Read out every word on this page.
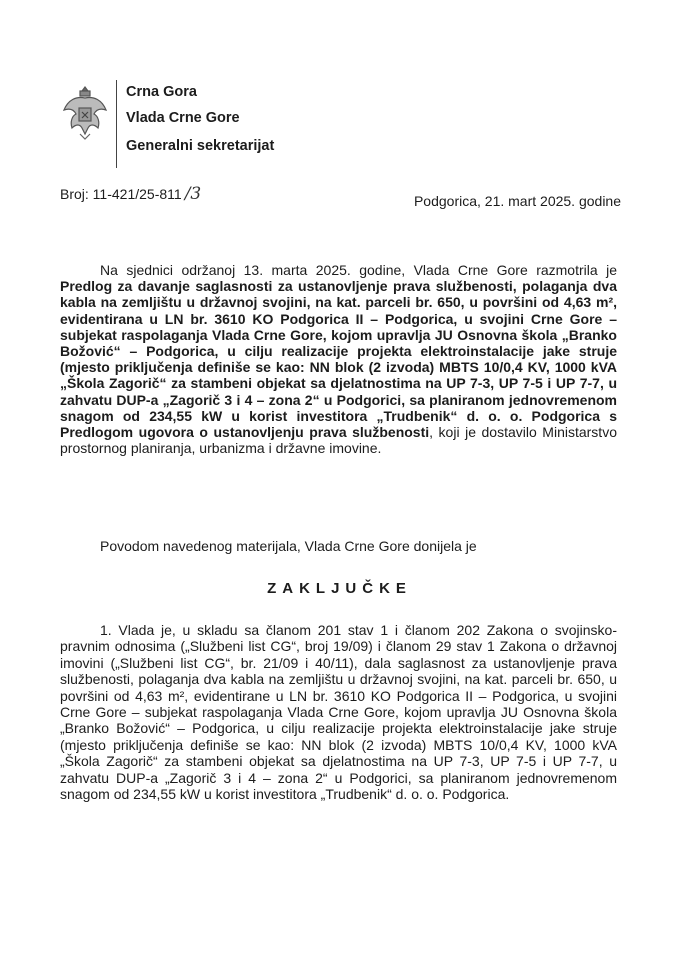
Crna Gora
Vlada Crne Gore
Generalni sekretarijat
Broj: 11-421/25-811 /3	Podgorica, 21. mart 2025. godine
Na sjednici održanoj 13. marta 2025. godine, Vlada Crne Gore razmotrila je Predlog za davanje saglasnosti za ustanovljenje prava službenosti, polaganja dva kabla na zemljištu u državnoj svojini, na kat. parceli br. 650, u površini od 4,63 m², evidentirana u LN br. 3610 KO Podgorica II – Podgorica, u svojini Crne Gore – subjekat raspolaganja Vlada Crne Gore, kojom upravlja JU Osnovna škola „Branko Božović“ – Podgorica, u cilju realizacije projekta elektroinstalacije jake struje (mjesto priključenja definiše se kao: NN blok (2 izvoda) MBTS 10/0,4 KV, 1000 kVA „Škola Zagorič“ za stambeni objekat sa djelatnostima na UP 7-3, UP 7-5 i UP 7-7, u zahvatu DUP-a „Zagorič 3 i 4 – zona 2“ u Podgorici, sa planiranom jednovremenom snagom od 234,55 kW u korist investitora „Trudbenik“ d. o. o. Podgorica s Predlogom ugovora o ustanovljenju prava službenosti, koji je dostavilo Ministarstvo prostornog planiranja, urbanizma i državne imovine.
Povodom navedenog materijala, Vlada Crne Gore donijela je
ZAKLJUČKE
1. Vlada je, u skladu sa članom 201 stav 1 i članom 202 Zakona o svojinsko-pravnim odnosima („Službeni list CG“, broj 19/09) i članom 29 stav 1 Zakona o državnoj imovini („Službeni list CG“, br. 21/09 i 40/11), dala saglasnost za ustanovljenje prava službenosti, polaganja dva kabla na zemljištu u državnoj svojini, na kat. parceli br. 650, u površini od 4,63 m², evidentirane u LN br. 3610 KO Podgorica II – Podgorica, u svojini Crne Gore – subjekat raspolaganja Vlada Crne Gore, kojom upravlja JU Osnovna škola „Branko Božović“ – Podgorica, u cilju realizacije projekta elektroinstalacije jake struje (mjesto priključenja definiše se kao: NN blok (2 izvoda) MBTS 10/0,4 KV, 1000 kVA „Škola Zagorič“ za stambeni objekat sa djelatnostima na UP 7-3, UP 7-5 i UP 7-7, u zahvatu DUP-a „Zagorič 3 i 4 – zona 2“ u Podgorici, sa planiranom jednovremenom snagom od 234,55 kW u korist investitora „Trudbenik“ d. o. o. Podgorica.
